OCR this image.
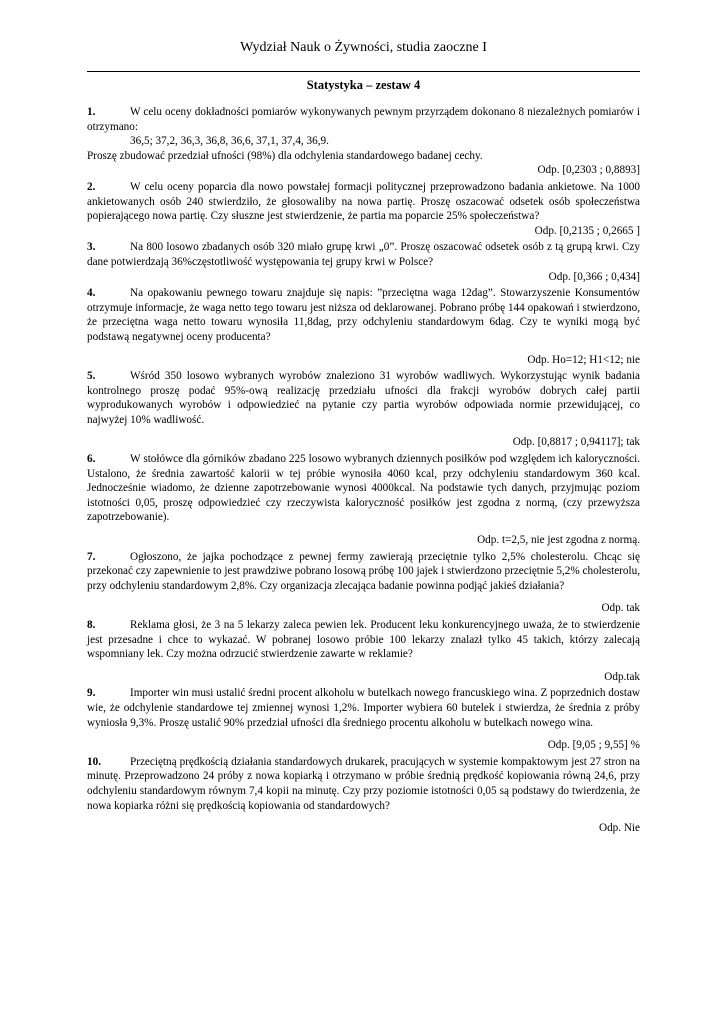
Wydział Nauk o Żywności, studia zaoczne I
Statystyka – zestaw 4

1.	W celu oceny dokładności pomiarów wykonywanych pewnym przyrządem dokonano 8 niezależnych pomiarów i otrzymano:

36,5; 37,2, 36,3, 36,8, 36,6, 37,1, 37,4, 36,9.

Proszę zbudować przedział ufności (98%) dla odchylenia standardowego badanej cechy.

Odp. [0,2303 ; 0,8893]

2.	W celu oceny poparcia dla nowo powstałej formacji politycznej przeprowadzono badania ankietowe. Na 1000 ankietowanych osób 240 stwierdziło, że głosowaliby na nowa partię. Proszę oszacować odsetek osób społeczeństwa popierającego nowa partię. Czy słuszne jest stwierdzenie, że partia ma poparcie 25% społeczeństwa?

Odp. [0,2135 ; 0,2665 ]

3.	Na 800 losowo zbadanych osób 320 miało grupę krwi „0”. Proszę oszacować odsetek osób z tą grupą krwi. Czy dane potwierdzają 36%częstotliwość występowania tej grupy krwi w Polsce?

Odp. [0,366 ; 0,434]

4.	Na opakowaniu pewnego towaru znajduje się napis: ”przeciętna waga 12dag”. Stowarzyszenie Konsumentów otrzymuje informacje, że waga netto tego towaru jest niższa od deklarowanej. Pobrano próbę 144 opakowań i stwierdzono, że przeciętna waga netto towaru wynosiła 11,8dag, przy odchyleniu standardowym 6dag. Czy te wyniki mogą być podstawą negatywnej oceny producenta?

Odp. Ho=12; H1<12; nie

5.	Wśród 350 losowo wybranych wyrobów znaleziono 31 wyrobów wadliwych. Wykorzystując wynik badania kontrolnego proszę podać 95%-ową realizację przedziału ufności dla frakcji wyrobów dobrych całej partii wyprodukowanych wyrobów i odpowiedzieć na pytanie czy partia wyrobów odpowiada normie przewidującej, co najwyżej 10% wadliwość.

Odp. [0,8817 ; 0,94117]; tak

6.	W stołówce dla górników zbadano 225 losowo wybranych dziennych posiłków pod względem ich kaloryczności. Ustalono, że średnia zawartość kalorii w tej próbie wynosiła 4060 kcal, przy odchyleniu standardowym 360 kcal. Jednocześnie wiadomo, że dzienne zapotrzebowanie wynosi 4000kcal. Na podstawie tych danych, przyjmując poziom istotności 0,05, proszę odpowiedzieć czy rzeczywista kaloryczność posiłków jest zgodna z normą, (czy przewyższa zapotrzebowanie).

Odp. t=2,5, nie jest zgodna z normą.

7.	Ogłoszono, że jajka pochodzące z pewnej fermy zawierają przeciętnie tylko 2,5% cholesterolu. Chcąc się przekonać czy zapewnienie to jest prawdziwe pobrano losową próbę 100 jajek i stwierdzono przeciętnie 5,2% cholesterolu, przy odchyleniu standardowym 2,8%. Czy organizacja zlecająca badanie powinna podjąć jakieś działania?

Odp. tak

8.	Reklama głosi, że 3 na 5 lekarzy zaleca pewien lek. Producent leku konkurencyjnego uważa, że to stwierdzenie jest przesadne i chce to wykazać. W pobranej losowo próbie 100 lekarzy znalazł tylko 45 takich, którzy zalecają wspomniany lek. Czy można odrzucić stwierdzenie zawarte w reklamie?

Odp.tak

9.	Importer win musi ustalić średni procent alkoholu w butelkach nowego francuskiego wina. Z poprzednich dostaw wie, że odchylenie standardowe tej zmiennej wynosi 1,2%. Importer wybiera 60 butelek i stwierdza, że średnia z próby wyniosła 9,3%. Proszę ustalić 90% przedział ufności dla średniego procentu alkoholu w butelkach nowego wina.

Odp. [9,05 ; 9,55] %

10.	Przeciętną prędkością działania standardowych drukarek, pracujących w systemie kompaktowym jest 27 stron na minutę. Przeprowadzono 24 próby z nowa kopiarką i otrzymano w próbie średnią prędkość kopiowania równą 24,6, przy odchyleniu standardowym równym 7,4 kopii na minutę. Czy przy poziomie istotności 0,05 są podstawy do twierdzenia, że nowa kopiarka różni się prędkością kopiowania od standardowych?

Odp. Nie
